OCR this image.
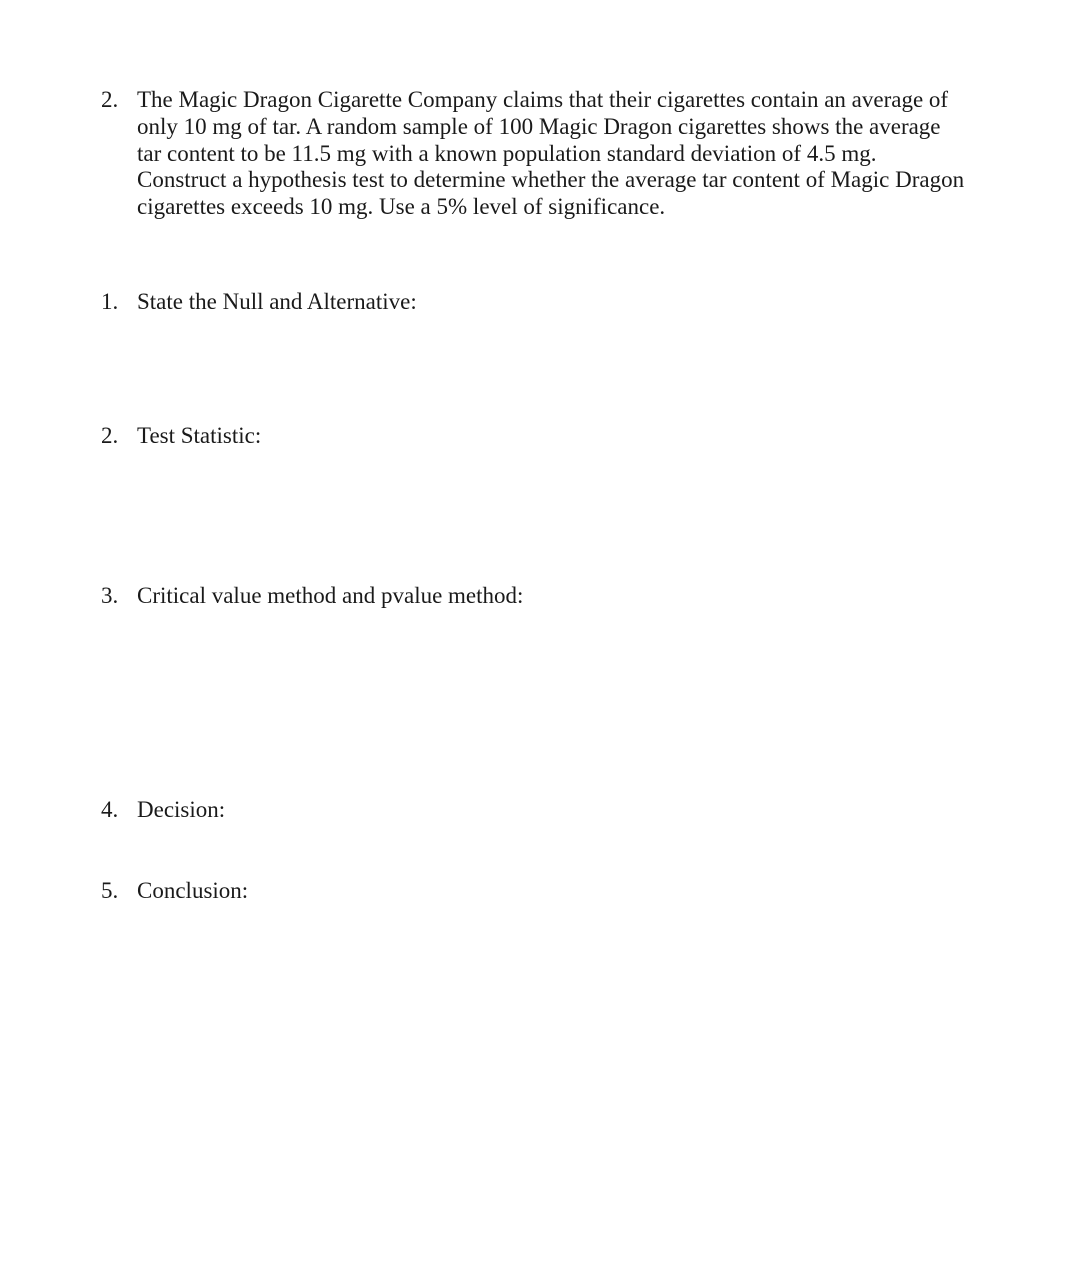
2. The Magic Dragon Cigarette Company claims that their cigarettes contain an average of
only 10 mg of tar. A random sample of 100 Magic Dragon cigarettes shows the average
tar content to be 11.5 mg with a known population standard deviation of 4.5 mg.
Construct a hypothesis test to determine whether the average tar content of Magic Dragon
cigarettes exceeds 10 mg. Use a 5% level of significance.
1. State the Null and Alternative:
2. Test Statistic:
3. Critical value method and pvalue method:
4. Decision:
5. Conclusion:
